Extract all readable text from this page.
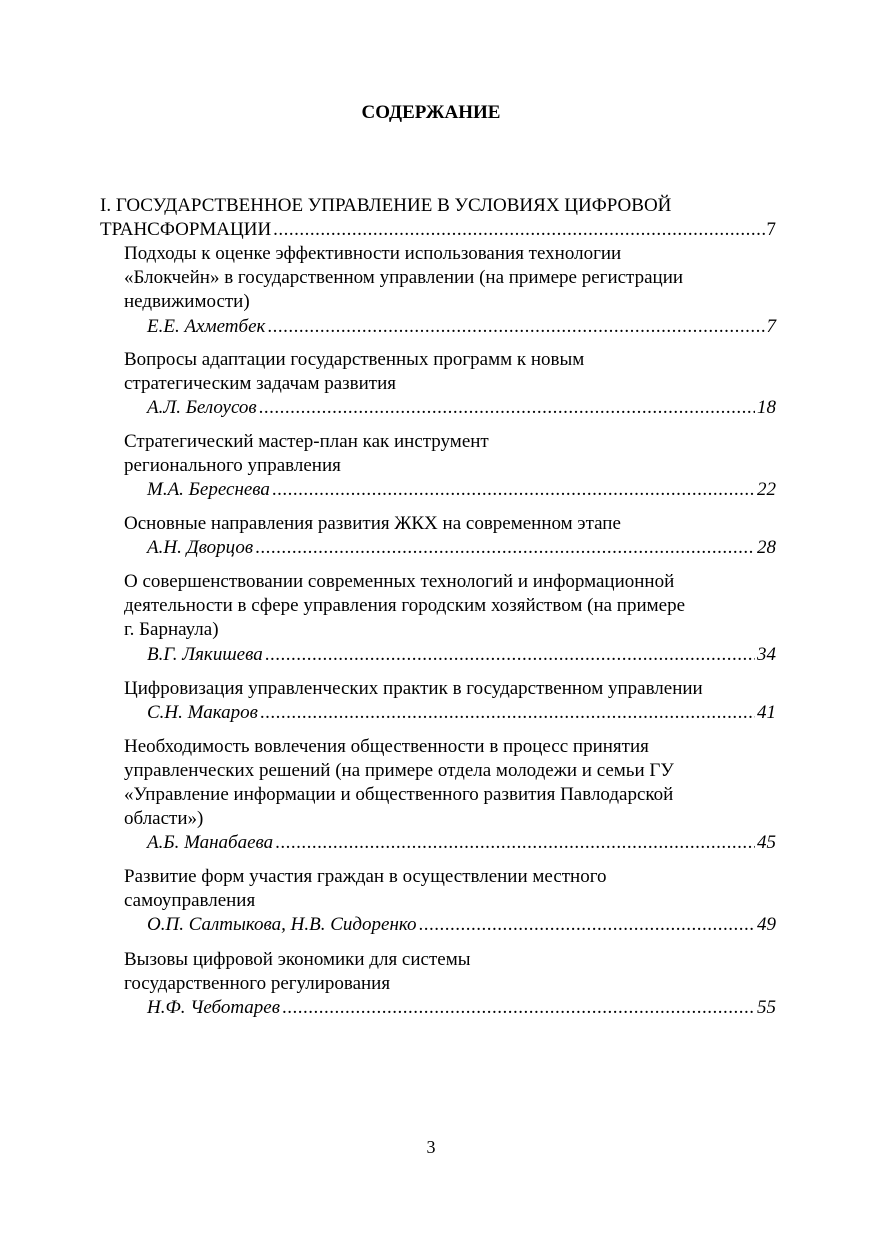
СОДЕРЖАНИЕ
I. ГОСУДАРСТВЕННОЕ УПРАВЛЕНИЕ В УСЛОВИЯХ ЦИФРОВОЙ
ТРАНСФОРМАЦИИ .....	7
Подходы к оценке эффективности использования технологии
«Блокчейн» в государственном управлении (на примере регистрации
недвижимости)
Е.Е. Ахметбек .....	7
Вопросы адаптации государственных программ к новым
стратегическим задачам развития
А.Л. Белоусов .....	18
Стратегический мастер-план как инструмент
регионального управления
М.А. Береснева .....	22
Основные направления развития ЖКХ на современном этапе
А.Н. Дворцов .....	28
О совершенствовании современных технологий и информационной
деятельности в сфере управления городским хозяйством (на примере
г. Барнаула)
В.Г. Лякишева .....	34
Цифровизация управленческих практик в государственном управлении
С.Н. Макаров .....	41
Необходимость вовлечения общественности в процесс принятия
управленческих решений (на примере отдела молодежи и семьи ГУ
«Управление информации и общественного развития Павлодарской
области»)
А.Б. Манабаева .....	45
Развитие форм участия граждан в осуществлении местного
самоуправления
О.П. Салтыкова, Н.В. Сидоренко .....	49
Вызовы цифровой экономики для системы
государственного регулирования
Н.Ф. Чеботарев .....	55
3
